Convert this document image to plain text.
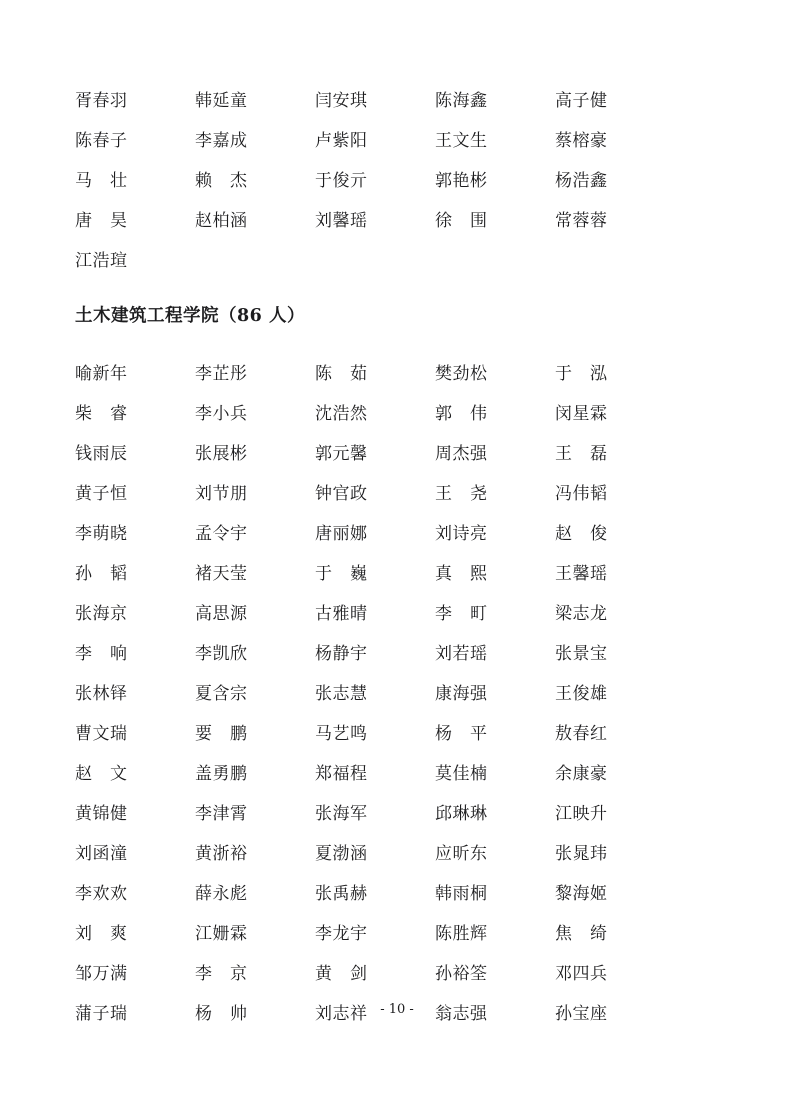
胥春羽	韩延童	闫安琪	陈海鑫	高子健
陈春子	李嘉成	卢紫阳	王文生	蔡榕豪
马　壮	赖　杰	于俊亓	郭艳彬	杨浩鑫
唐　昊	赵柏涵	刘馨瑶	徐　围	常蓉蓉
江浩瑄
土木建筑工程学院（86 人）
喻新年	李芷彤	陈　茹	樊劲松	于　泓
柴　睿	李小兵	沈浩然	郭　伟	闵星霖
钱雨辰	张展彬	郭元馨	周杰强	王　磊
黄子恒	刘节朋	钟官政	王　尧	冯伟韬
李萌晓	孟令宇	唐丽娜	刘诗亮	赵　俊
孙　韬	褚天莹	于　巍	真　熙	王馨瑶
张海京	高思源	古雅晴	李　町	梁志龙
李　响	李凯欣	杨静宇	刘若瑶	张景宝
张林铎	夏含宗	张志慧	康海强	王俊雄
曹文瑞	要　鹏	马艺鸣	杨　平	敖春红
赵　文	盖勇鹏	郑福程	莫佳楠	余康豪
黄锦健	李津霄	张海军	邱琳琳	江映升
刘函潼	黄浙裕	夏渤涵	应昕东	张晁玮
李欢欢	薛永彪	张禹赫	韩雨桐	黎海姬
刘　爽	江姗霖	李龙宇	陈胜辉	焦　绮
邹万满	李　京	黄　剑	孙裕筌	邓四兵
蒲子瑞	杨　帅	刘志祥	翁志强	孙宝座
- 10 -
